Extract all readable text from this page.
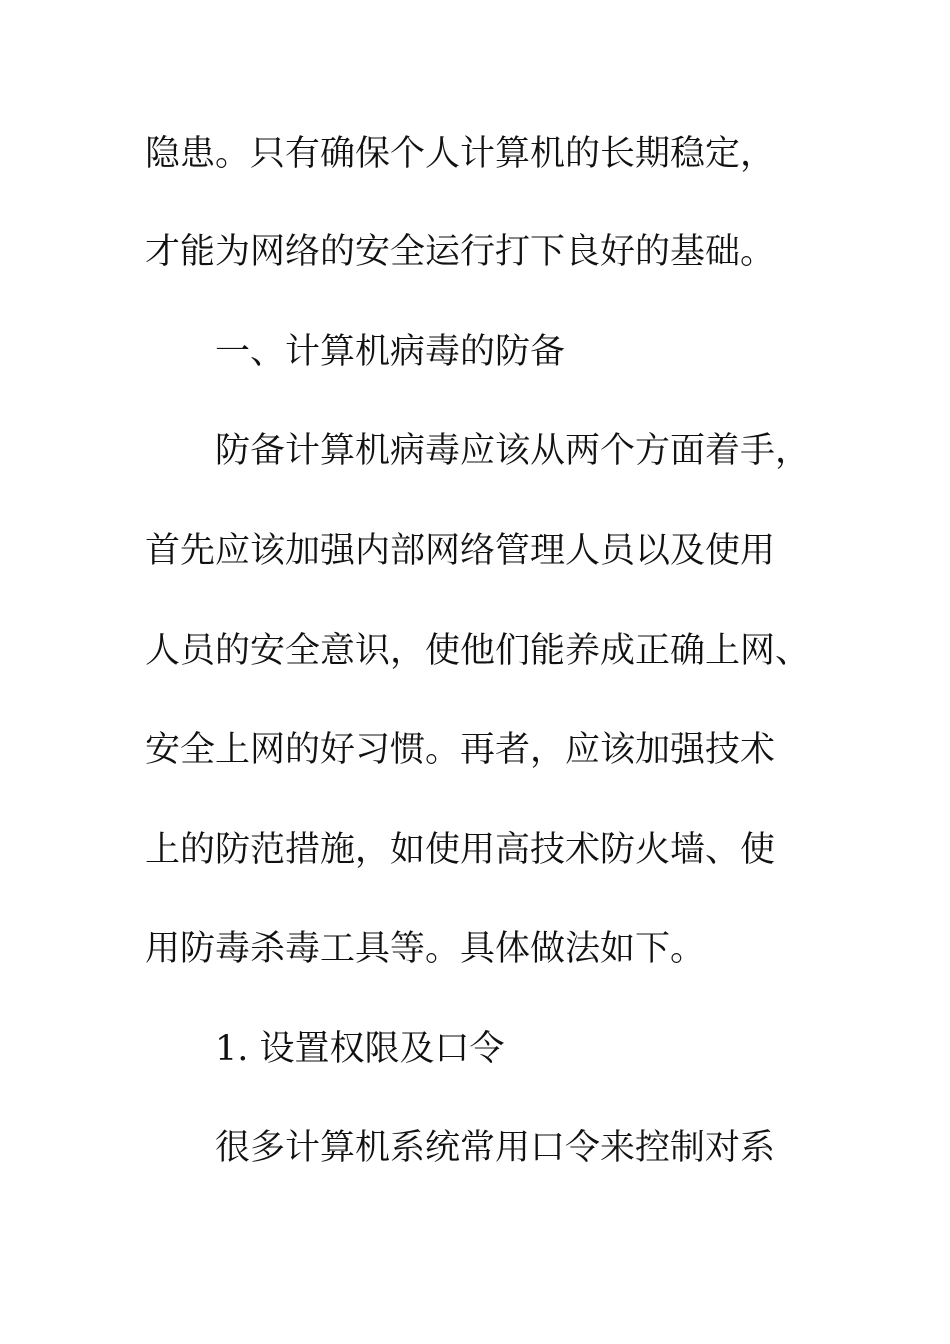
隐患。只有确保个人计算机的长期稳定，
才能为网络的安全运行打下良好的基础。
一、计算机病毒的防备
防备计算机病毒应该从两个方面着手，
首先应该加强内部网络管理人员以及使用
人员的安全意识，使他们能养成正确上网、
安全上网的好习惯。再者，应该加强技术
上的防范措施，如使用高技术防火墙、使
用防毒杀毒工具等。具体做法如下。
1. 设置权限及口令
很多计算机系统常用口令来控制对系
